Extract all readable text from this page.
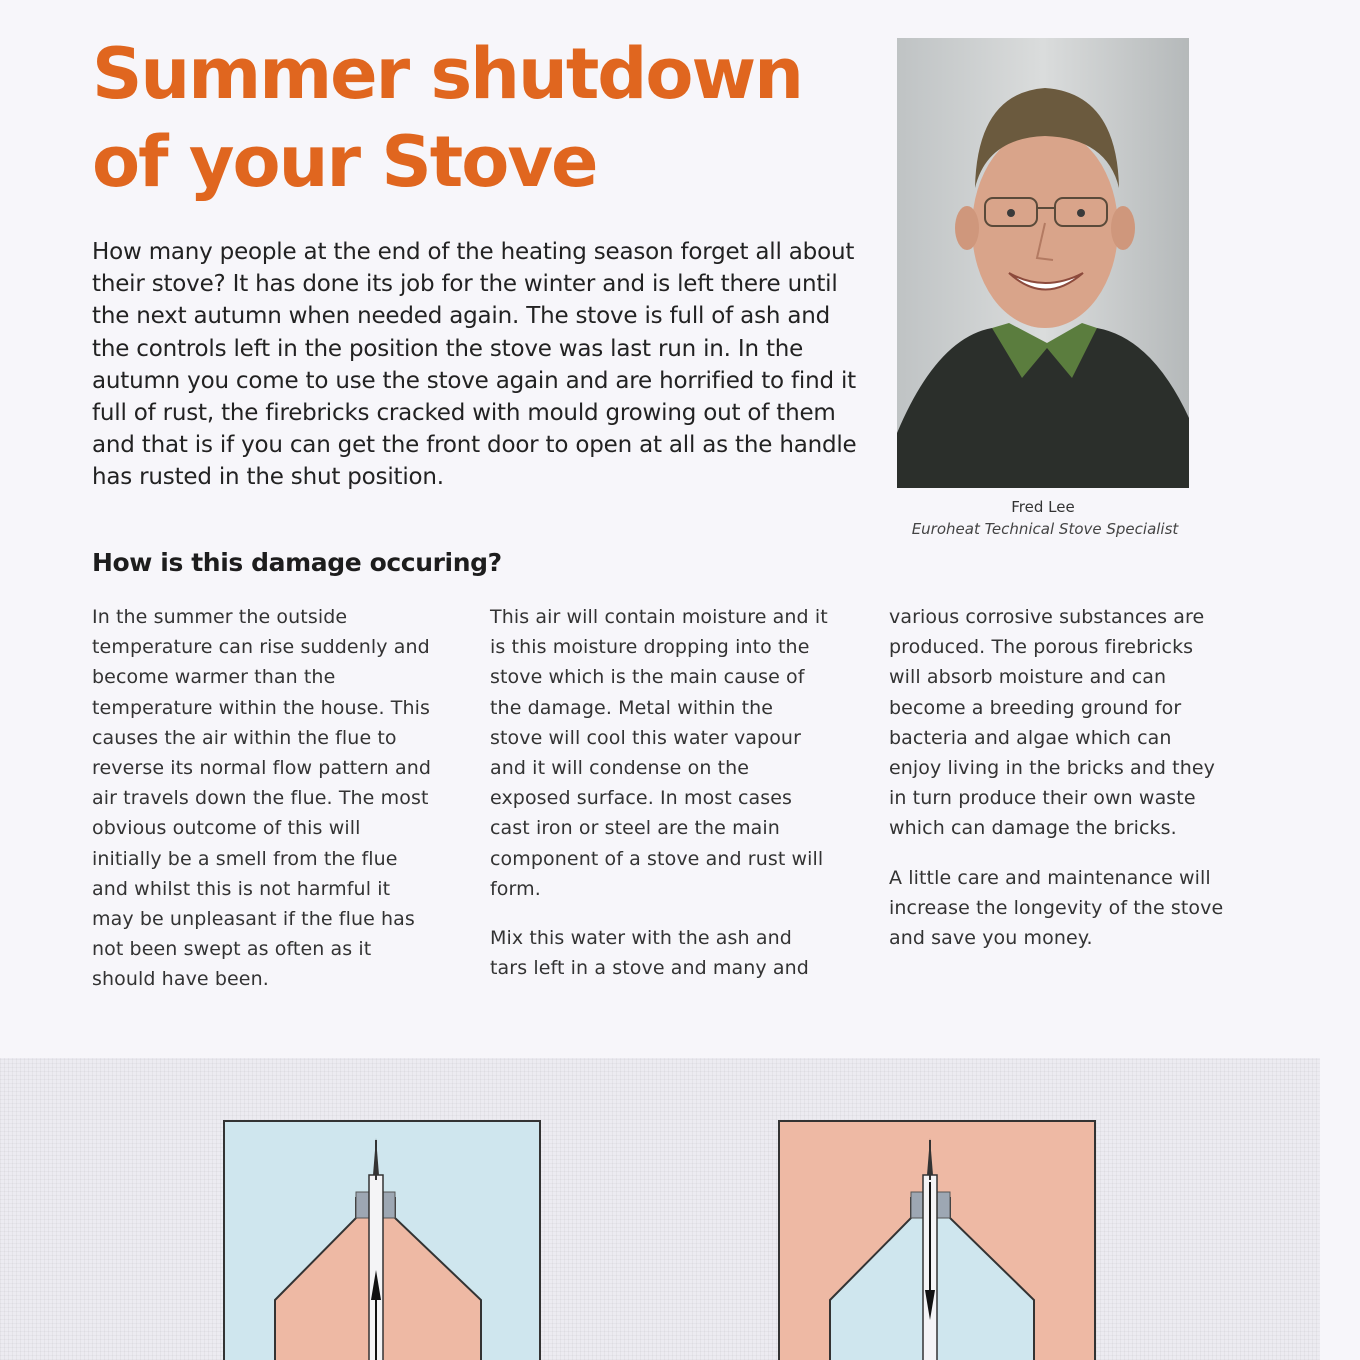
Summer shutdown
of your Stove

How many people at the end of the heating season forget all about their stove? It has done its job for the winter and is left there until the next autumn when needed again. The stove is full of ash and the controls left in the position the stove was last run in. In the autumn you come to use the stove again and are horrified to find it full of rust, the firebricks cracked with mould growing out of them and that is if you can get the front door to open at all as the handle has rusted in the shut position.

Fred Lee
Euroheat Technical Stove Specialist
How is this damage occuring?

In the summer the outside temperature can rise suddenly and become warmer than the temperature within the house. This causes the air within the flue to reverse its normal flow pattern and air travels down the flue. The most obvious outcome of this will initially be a smell from the flue and whilst this is not harmful it may be unpleasant if the flue has not been swept as often as it should have been.

This air will contain moisture and it is this moisture dropping into the stove which is the main cause of the damage. Metal within the stove will cool this water vapour and it will condense on the exposed surface. In most cases cast iron or steel are the main component of a stove and rust will form.

Mix this water with the ash and tars left in a stove and many and

various corrosive substances are produced. The porous firebricks will absorb moisture and can become a breeding ground for bacteria and algae which can enjoy living in the bricks and they in turn produce their own waste which can damage the bricks.

A little care and maintenance will increase the longevity of the stove and save you money.
